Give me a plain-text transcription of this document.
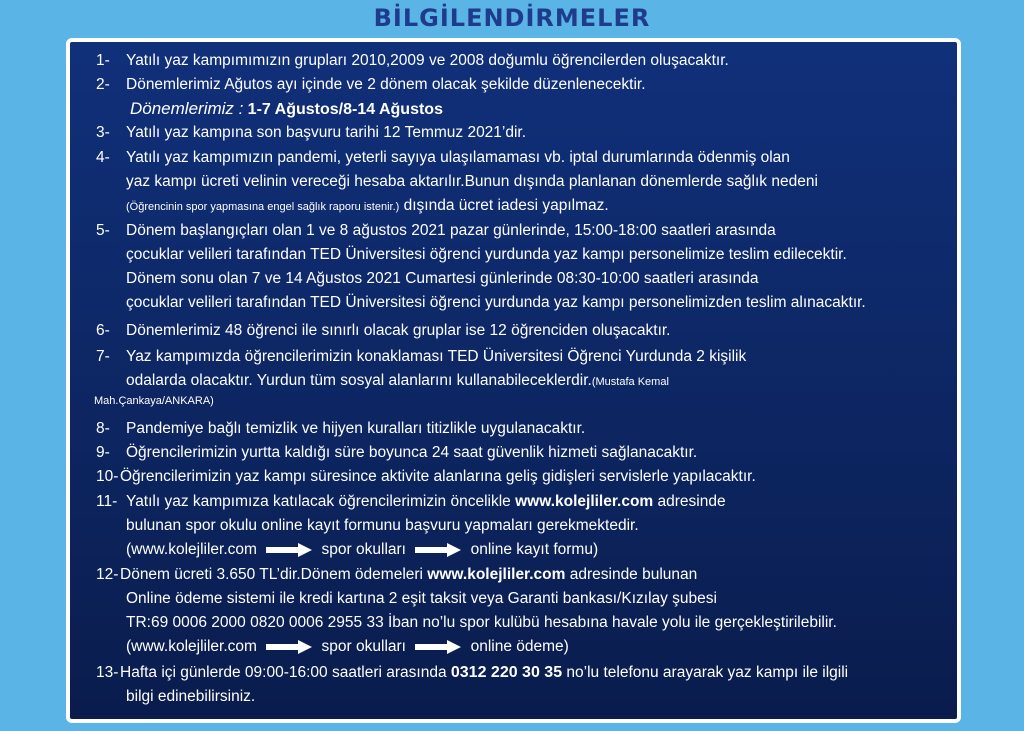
BİLGİLENDİRMELER
1- Yatılı yaz kampımımızın grupları 2010,2009 ve 2008 doğumlu öğrencilerden oluşacaktır.
2- Dönemlerimiz Ağutos ayı içinde ve 2 dönem olacak şekilde düzenlenecektir.
Dönemlerimiz : 1-7 Ağustos/8-14 Ağustos
3- Yatılı yaz kampına son başvuru tarihi 12 Temmuz 2021’dir.
4- Yatılı yaz kampımızın pandemi, yeterli sayıya ulaşılamaması vb. iptal durumlarında ödenmiş olan
yaz kampı ücreti velinin vereceği hesaba aktarılır.Bunun dışında planlanan dönemlerde sağlık nedeni
(Öğrencinin spor yapmasına engel sağlık raporu istenir.) dışında ücret iadesi yapılmaz.
5- Dönem başlangıçları olan 1 ve 8 ağustos 2021 pazar günlerinde, 15:00-18:00 saatleri arasında
çocuklar velileri tarafından TED Üniversitesi öğrenci yurdunda yaz kampı personelimize teslim edilecektir.
Dönem sonu olan 7 ve 14 Ağustos 2021 Cumartesi günlerinde 08:30-10:00 saatleri arasında
çocuklar velileri tarafından TED Üniversitesi öğrenci yurdunda yaz kampı personelimizden teslim alınacaktır.
6- Dönemlerimiz 48 öğrenci ile sınırlı olacak gruplar ise 12 öğrenciden oluşacaktır.
7- Yaz kampımızda öğrencilerimizin konaklaması TED Üniversitesi Öğrenci Yurdunda 2 kişilik
odalarda olacaktır. Yurdun tüm sosyal alanlarını kullanabileceklerdir.(Mustafa Kemal
Mah.Çankaya/ANKARA)
8- Pandemiye bağlı temizlik ve hijyen kuralları titizlikle uygulanacaktır.
9- Öğrencilerimizin yurtta kaldığı süre boyunca 24 saat güvenlik hizmeti sağlanacaktır.
10- Öğrencilerimizin yaz kampı süresince aktivite alanlarına geliş gidişleri servislerle yapılacaktır.
11- Yatılı yaz kampımıza katılacak öğrencilerimizin öncelikle www.kolejliler.com adresinde
bulunan spor okulu online kayıt formunu başvuru yapmaları gerekmektedir.
(www.kolejliler.com	spor okulları	online kayıt formu)
12- Dönem ücreti 3.650 TL’dir.Dönem ödemeleri www.kolejliler.com adresinde bulunan
Online ödeme sistemi ile kredi kartına 2 eşit taksit veya Garanti bankası/Kızılay şubesi
TR:69 0006 2000 0820 0006 2955 33 İban no’lu spor kulübü hesabına havale yolu ile gerçekleştirilebilir.
(www.kolejliler.com	spor okulları	online ödeme)
13- Hafta içi günlerde 09:00-16:00 saatleri arasında 0312 220 30 35 no’lu telefonu arayarak yaz kampı ile ilgili
bilgi edinebilirsiniz.
